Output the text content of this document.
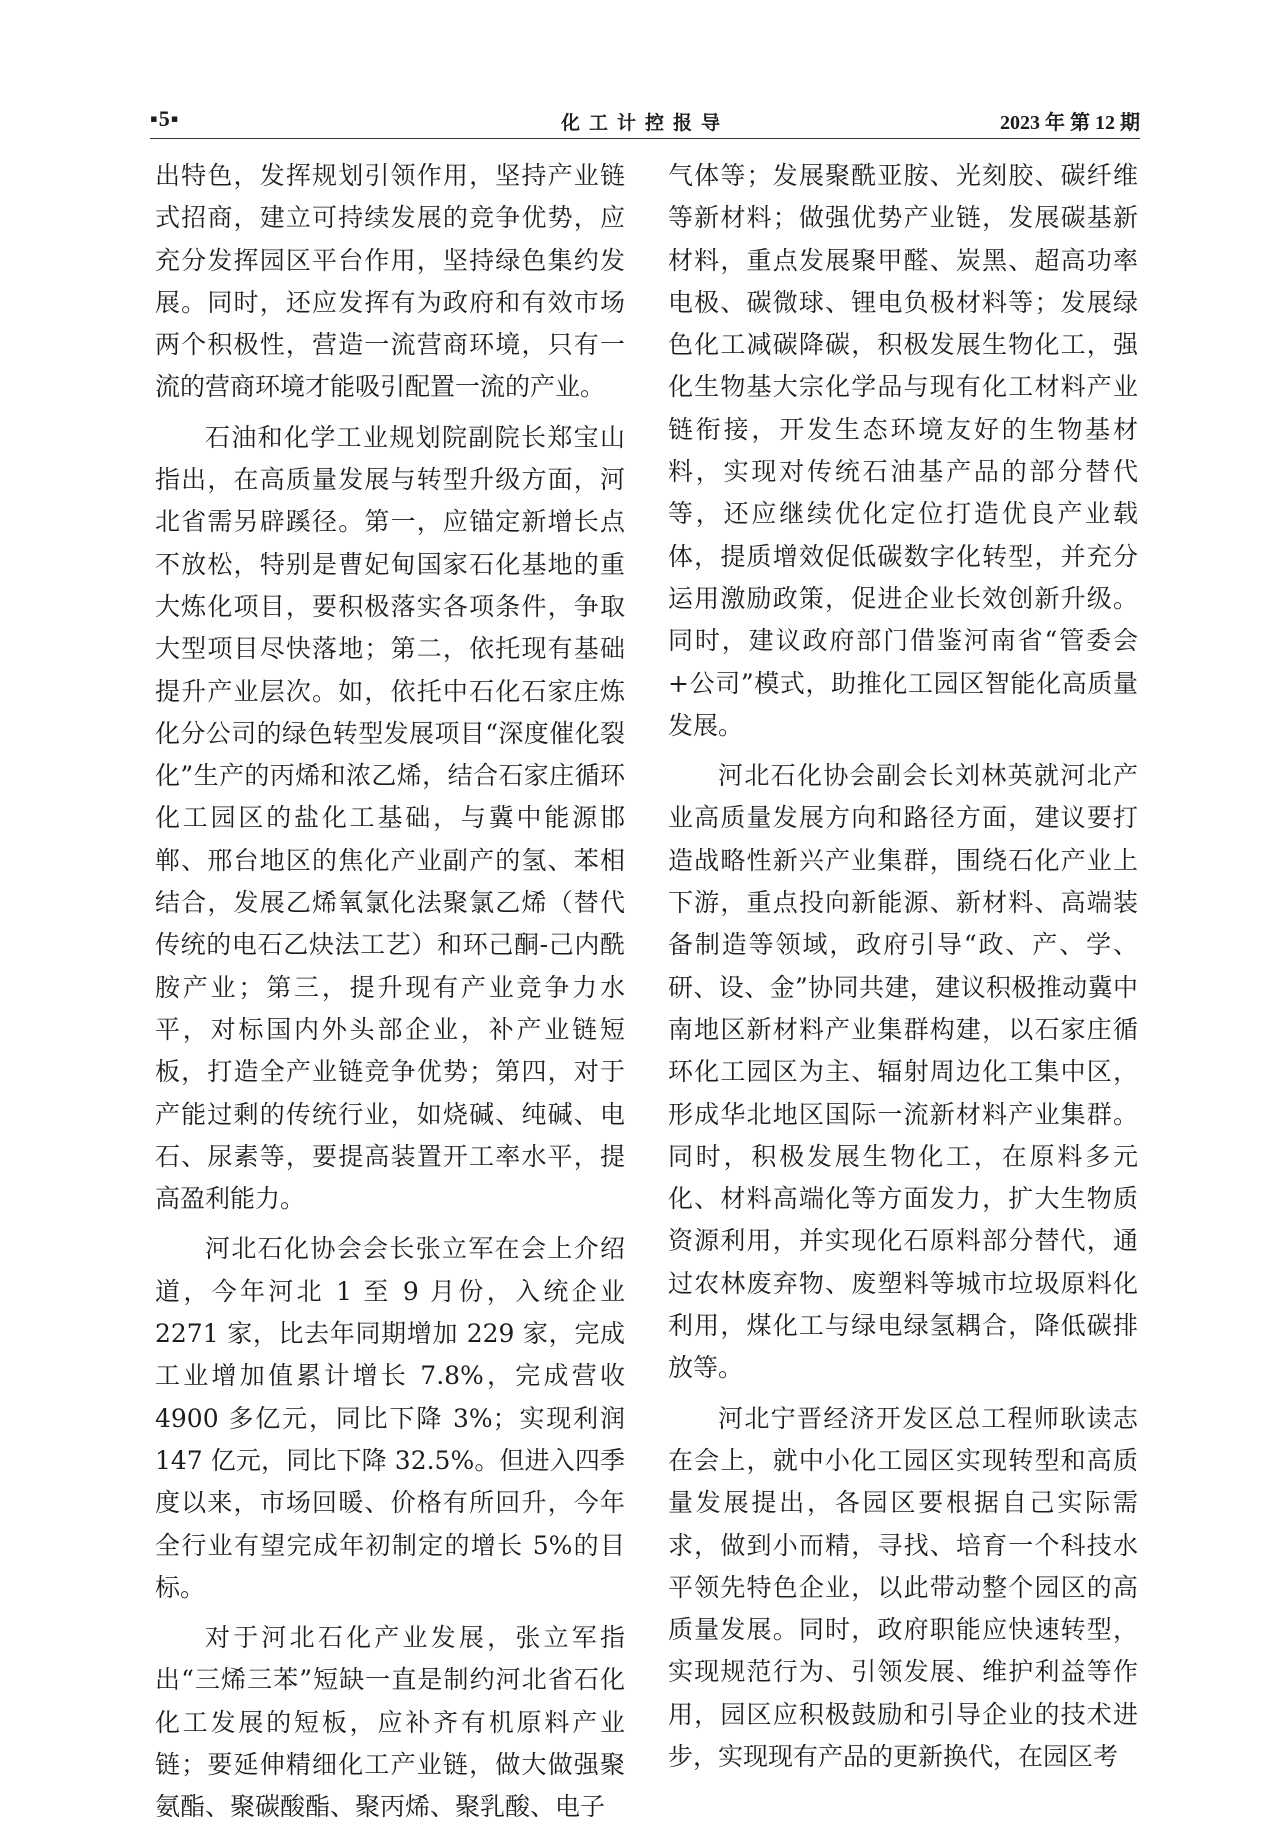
▪5▪	化工计控报导	2023 年 第 12 期

出特色，发挥规划引领作用，坚持产业链式招商，建立可持续发展的竞争优势，应充分发挥园区平台作用，坚持绿色集约发展。同时，还应发挥有为政府和有效市场两个积极性，营造一流营商环境，只有一流的营商环境才能吸引配置一流的产业。

石油和化学工业规划院副院长郑宝山指出，在高质量发展与转型升级方面，河北省需另辟蹊径。第一，应锚定新增长点不放松，特别是曹妃甸国家石化基地的重大炼化项目，要积极落实各项条件，争取大型项目尽快落地；第二，依托现有基础提升产业层次。如，依托中石化石家庄炼化分公司的绿色转型发展项目“深度催化裂化”生产的丙烯和浓乙烯，结合石家庄循环化工园区的盐化工基础，与冀中能源邯郸、邢台地区的焦化产业副产的氢、苯相结合，发展乙烯氧氯化法聚氯乙烯（替代传统的电石乙炔法工艺）和环己酮-己内酰胺产业；第三，提升现有产业竞争力水平，对标国内外头部企业，补产业链短板，打造全产业链竞争优势；第四，对于产能过剩的传统行业，如烧碱、纯碱、电石、尿素等，要提高装置开工率水平，提高盈利能力。

河北石化协会会长张立军在会上介绍道，今年河北 1 至 9 月份，入统企业 2271 家，比去年同期增加 229 家，完成工业增加值累计增长 7.8%，完成营收 4900 多亿元，同比下降 3%；实现利润 147 亿元，同比下降 32.5%。但进入四季度以来，市场回暖、价格有所回升，今年全行业有望完成年初制定的增长 5%的目标。

对于河北石化产业发展，张立军指出“三烯三苯”短缺一直是制约河北省石化化工发展的短板，应补齐有机原料产业链；要延伸精细化工产业链，做大做强聚氨酯、聚碳酸酯、聚丙烯、聚乳酸、电子

气体等；发展聚酰亚胺、光刻胶、碳纤维等新材料；做强优势产业链，发展碳基新材料，重点发展聚甲醛、炭黑、超高功率电极、碳微球、锂电负极材料等；发展绿色化工减碳降碳，积极发展生物化工，强化生物基大宗化学品与现有化工材料产业链衔接，开发生态环境友好的生物基材料，实现对传统石油基产品的部分替代等，还应继续优化定位打造优良产业载体，提质增效促低碳数字化转型，并充分运用激励政策，促进企业长效创新升级。同时，建议政府部门借鉴河南省“管委会+公司”模式，助推化工园区智能化高质量发展。

河北石化协会副会长刘林英就河北产业高质量发展方向和路径方面，建议要打造战略性新兴产业集群，围绕石化产业上下游，重点投向新能源、新材料、高端装备制造等领域，政府引导“政、产、学、研、设、金”协同共建，建议积极推动冀中南地区新材料产业集群构建，以石家庄循环化工园区为主、辐射周边化工集中区，形成华北地区国际一流新材料产业集群。同时，积极发展生物化工，在原料多元化、材料高端化等方面发力，扩大生物质资源利用，并实现化石原料部分替代，通过农林废弃物、废塑料等城市垃圾原料化利用，煤化工与绿电绿氢耦合，降低碳排放等。

河北宁晋经济开发区总工程师耿读志在会上，就中小化工园区实现转型和高质量发展提出，各园区要根据自己实际需求，做到小而精，寻找、培育一个科技水平领先特色企业，以此带动整个园区的高质量发展。同时，政府职能应快速转型，实现规范行为、引领发展、维护利益等作用，园区应积极鼓励和引导企业的技术进步，实现现有产品的更新换代，在园区考
